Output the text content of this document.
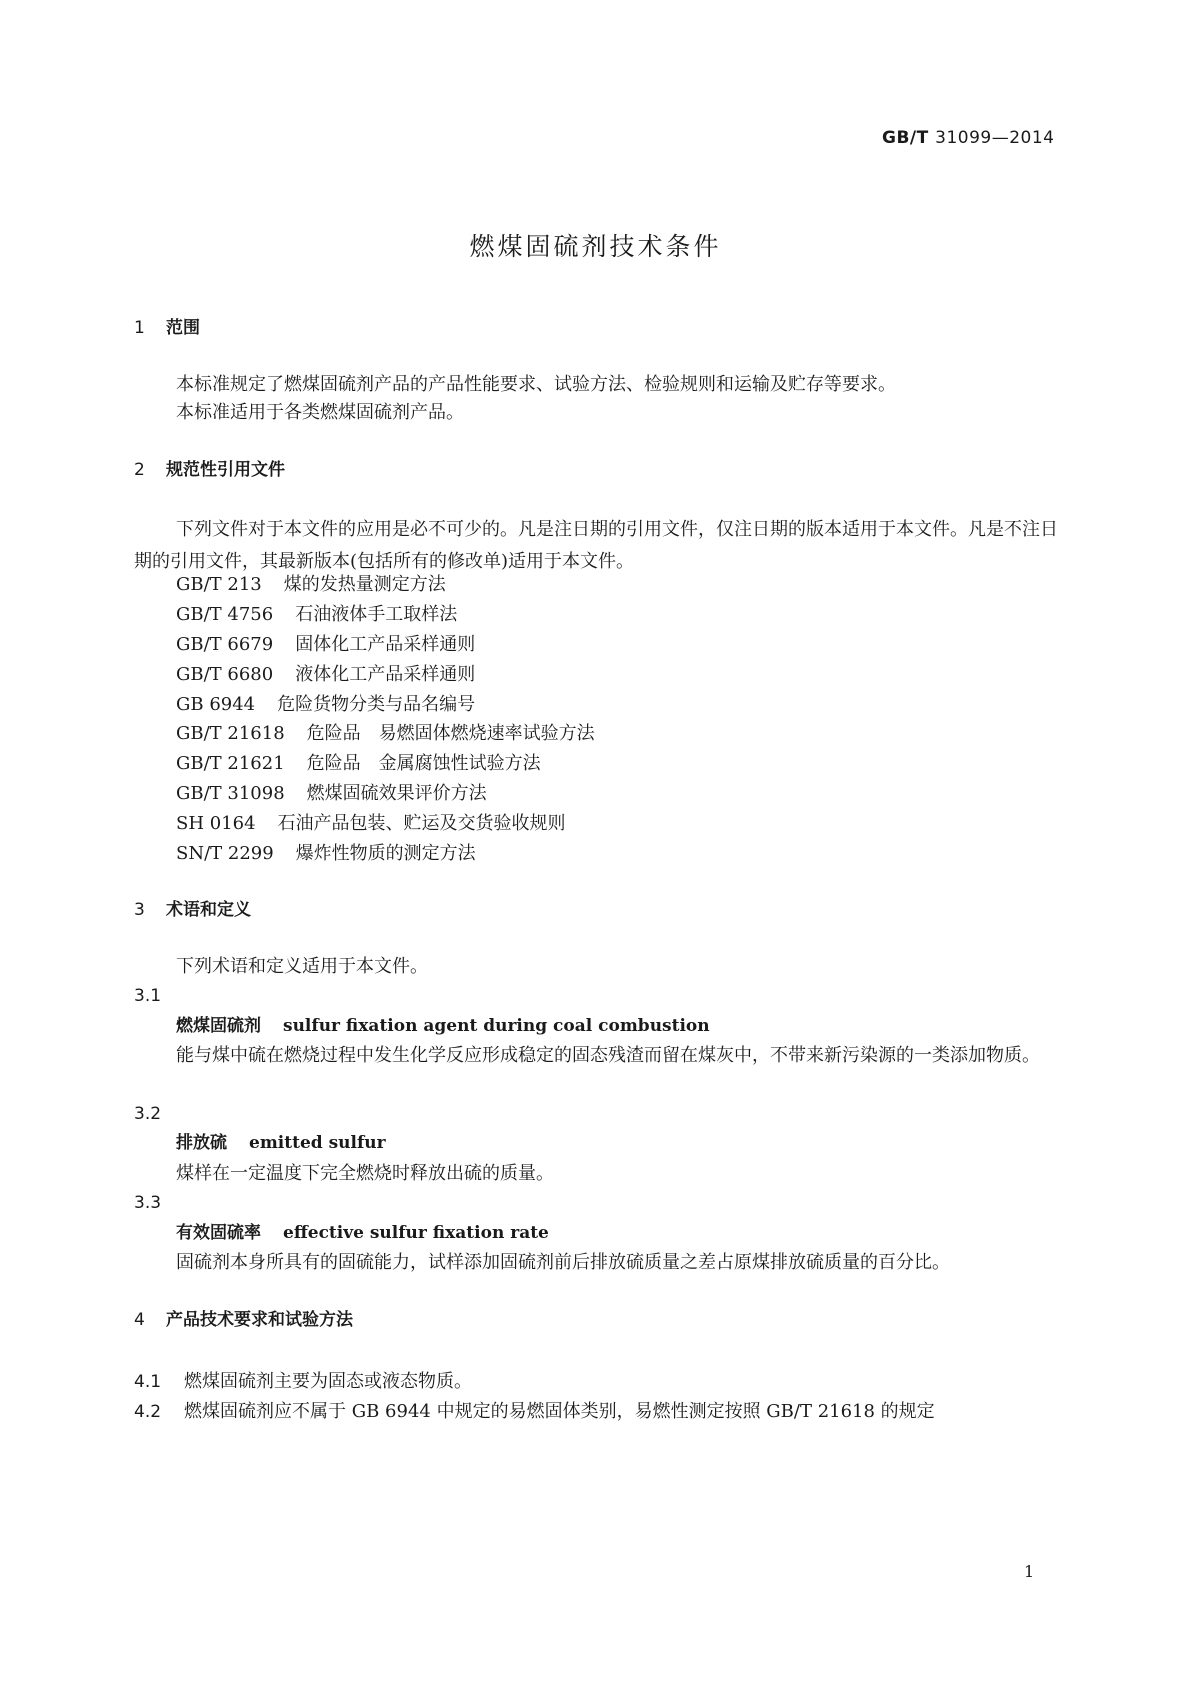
GB/T 31099—2014
燃煤固硫剂技术条件
1 范围
本标准规定了燃煤固硫剂产品的产品性能要求、试验方法、检验规则和运输及贮存等要求。
本标准适用于各类燃煤固硫剂产品。
2 规范性引用文件
下列文件对于本文件的应用是必不可少的。凡是注日期的引用文件，仅注日期的版本适用于本文件。凡是不注日期的引用文件，其最新版本(包括所有的修改单)适用于本文件。
GB/T 213 煤的发热量测定方法
GB/T 4756 石油液体手工取样法
GB/T 6679 固体化工产品采样通则
GB/T 6680 液体化工产品采样通则
GB 6944 危险货物分类与品名编号
GB/T 21618 危险品　易燃固体燃烧速率试验方法
GB/T 21621 危险品　金属腐蚀性试验方法
GB/T 31098 燃煤固硫效果评价方法
SH 0164 石油产品包装、贮运及交货验收规则
SN/T 2299 爆炸性物质的测定方法
3 术语和定义
下列术语和定义适用于本文件。
3.1
燃煤固硫剂 sulfur fixation agent during coal combustion
能与煤中硫在燃烧过程中发生化学反应形成稳定的固态残渣而留在煤灰中，不带来新污染源的一类添加物质。
3.2
排放硫 emitted sulfur
煤样在一定温度下完全燃烧时释放出硫的质量。
3.3
有效固硫率 effective sulfur fixation rate
固硫剂本身所具有的固硫能力，试样添加固硫剂前后排放硫质量之差占原煤排放硫质量的百分比。
4 产品技术要求和试验方法
4.1 燃煤固硫剂主要为固态或液态物质。
4.2 燃煤固硫剂应不属于 GB 6944 中规定的易燃固体类别，易燃性测定按照 GB/T 21618 的规定
1
